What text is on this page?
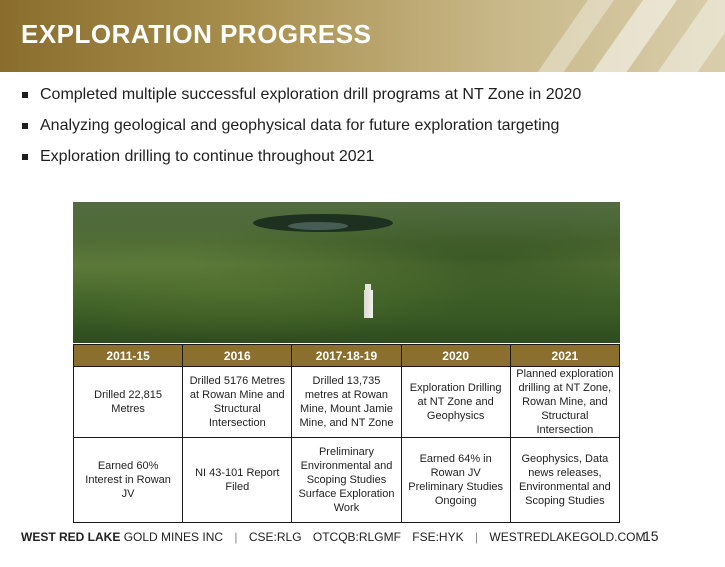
EXPLORATION PROGRESS
Completed multiple successful exploration drill programs at NT Zone in 2020
Analyzing geological and geophysical data for future exploration targeting
Exploration drilling to continue throughout 2021
2011-15	2016	2017-18-19	2020	2021
Drilled 22,815 Metres	Drilled 5176 Metres at Rowan Mine and Structural Intersection	Drilled 13,735 metres at Rowan Mine, Mount Jamie Mine, and NT Zone	Exploration Drilling at NT Zone and Geophysics	Planned exploration drilling at NT Zone, Rowan Mine, and Structural Intersection
Earned 60% Interest in Rowan JV	NI 43-101 Report Filed	Preliminary Environmental and Scoping Studies Surface Exploration Work	Earned 64% in Rowan JV Preliminary Studies Ongoing	Geophysics, Data news releases, Environmental and Scoping Studies
WEST RED LAKE GOLD MINES INC | CSE:RLG OTCQB:RLGMF FSE:HYK | WESTREDLAKEGOLD.COM
15
